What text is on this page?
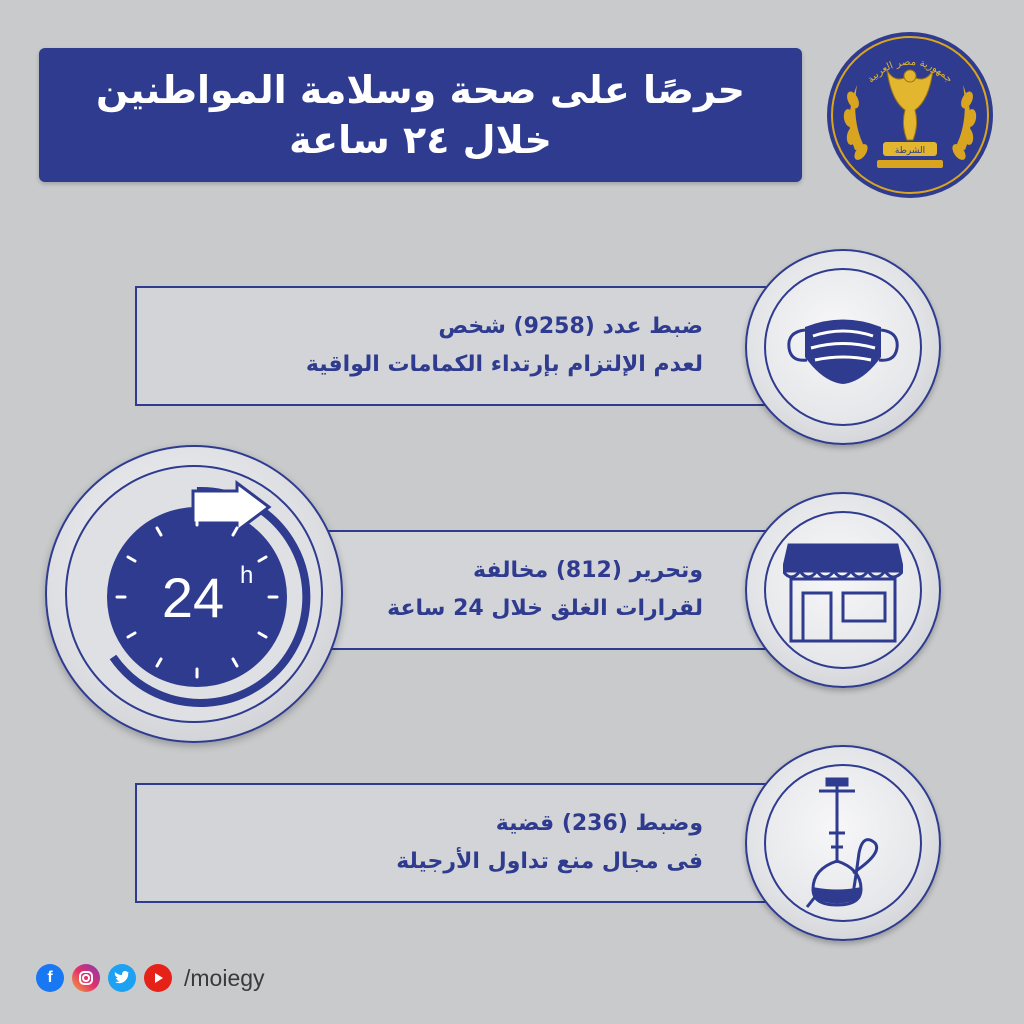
حرصًا على صحة وسلامة المواطنين
خلال ٢٤ ساعة	الشرطة
جمهورية مصر العربية
ضبط عدد (9258) شخص
لعدم الإلتزام بإرتداء الكمامات الواقية
وتحرير (812) مخالفة
لقرارات الغلق خلال 24 ساعة
24 h
وضبط (236) قضية
فى مجال منع تداول الأرجيلة
f	/moiegy
